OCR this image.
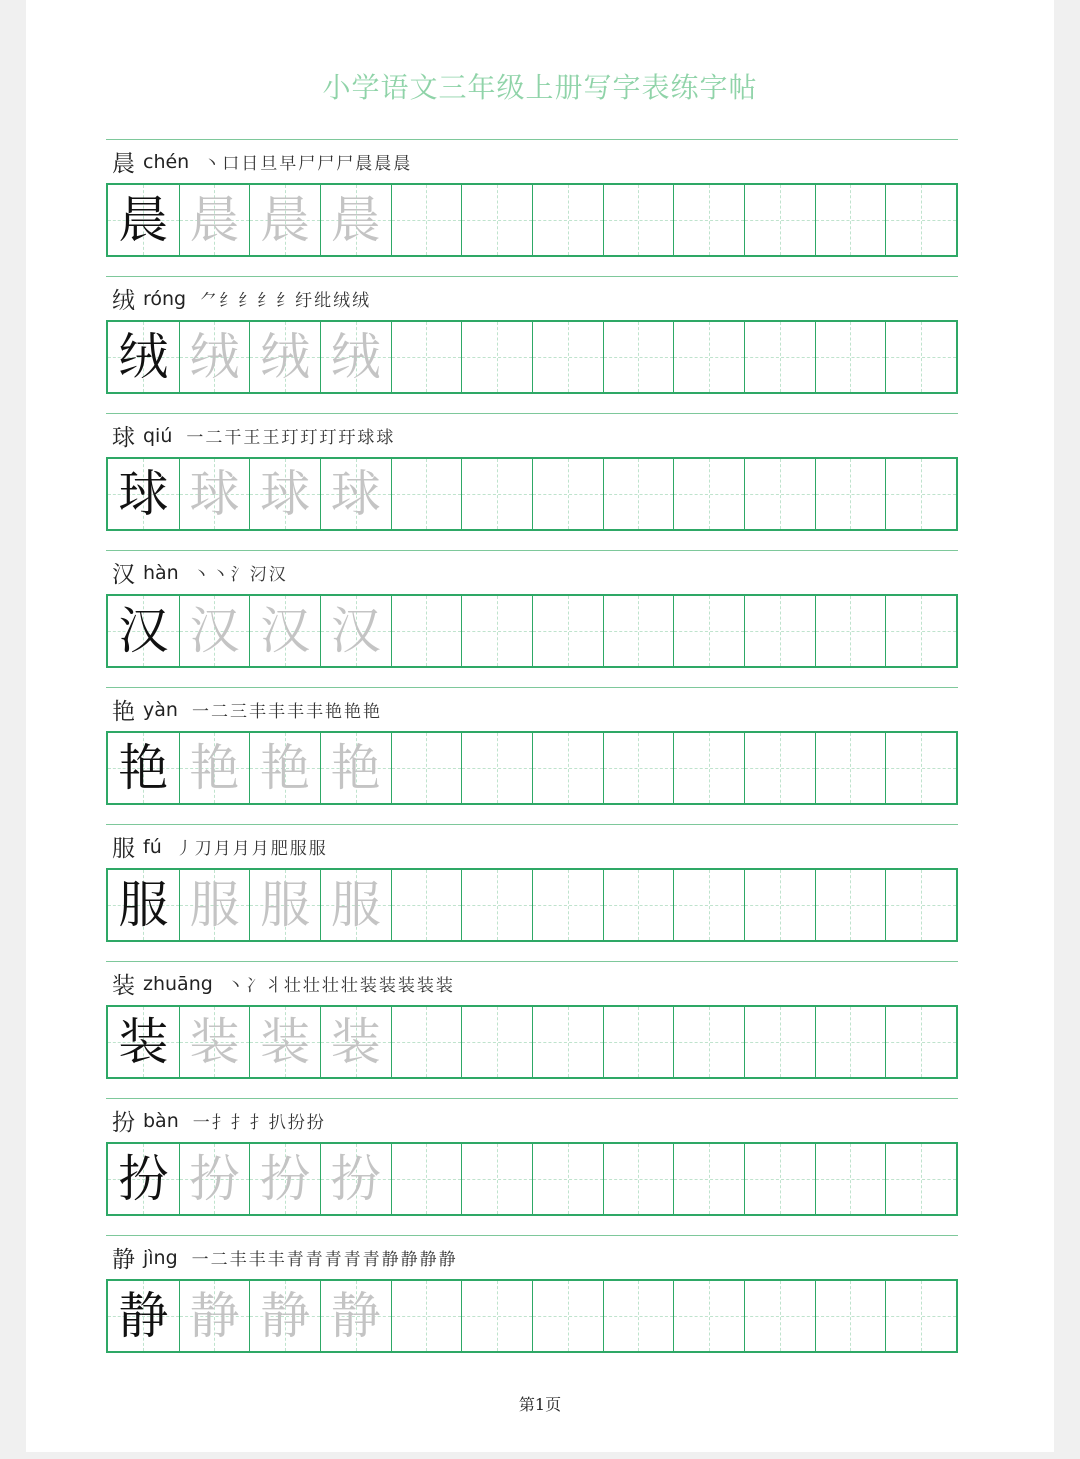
小学语文三年级上册写字表练字帖
晨 chén 丶 口 日 旦 早 尸 尸 尸 晨 晨 晨
晨 晨 晨 晨
绒 róng ⺈ 纟 纟 纟 纟 纡 纰 绒 绒
绒 绒 绒 绒
球 qiú 一 二 干 王 王 玎 玎 玎 玗 球 球
球 球 球 球
汉 hàn 丶 丶 氵 汈 汉
汉 汉 汉 汉
艳 yàn 一 二 三 丰 丰 丰 丰 艳 艳 艳
艳 艳 艳 艳
服 fú 丿 刀 月 月 月 肥 服 服
服 服 服 服
装 zhuāng 丶 冫 丬 壮 壮 壮 壮 装 装 装 装 装
装 装 装 装
扮 bàn 一 扌 扌 扌 扒 扮 扮
扮 扮 扮 扮
静 jìng 一 二 丰 丰 丰 青 青 青 青 青 静 静 静 静
静 静 静 静
第1页
